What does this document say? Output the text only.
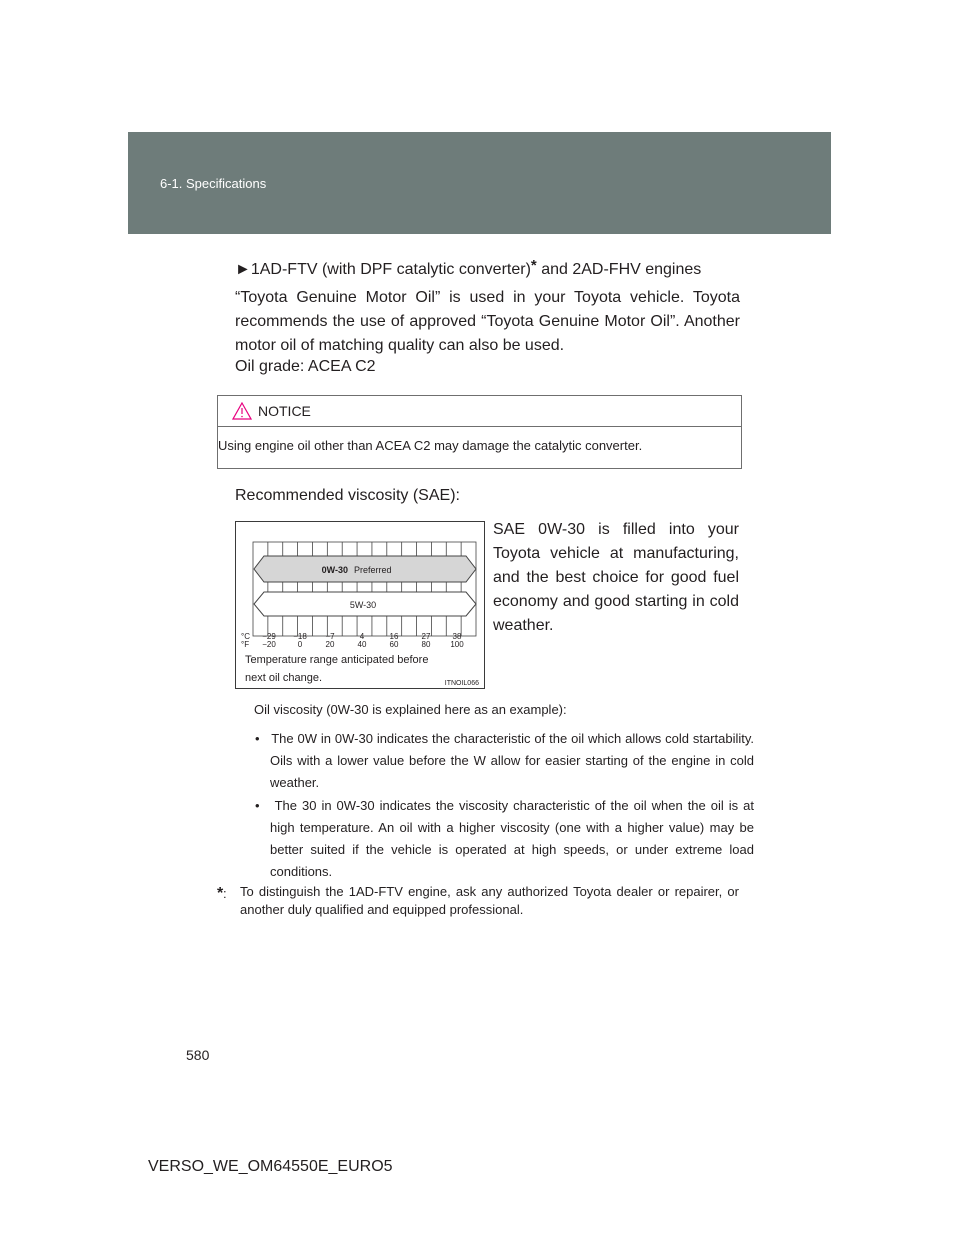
6-1. Specifications
►1AD-FTV (with DPF catalytic converter)* and 2AD-FHV engines

“Toyota Genuine Motor Oil” is used in your Toyota vehicle. Toyota recommends the use of approved “Toyota Genuine Motor Oil”. Another motor oil of matching quality can also be used.

Oil grade: ACEA C2
NOTICE
Using engine oil other than ACEA C2 may damage the catalytic converter.
Recommended viscosity (SAE):
0W-30 Preferred
5W-30
°C
°F
−29 −18 −7	4	16	27	38
−20	0	20	40	60	80 100
Temperature range anticipated before
next oil change.	ITNOIL066

SAE 0W-30 is filled into your Toyota vehicle at manufacturing, and the best choice for good fuel economy and good starting in cold weather.

Oil viscosity (0W-30 is explained here as an example):

• The 0W in 0W-30 indicates the characteristic of the oil which allows cold startability. Oils with a lower value before the W allow for easier starting of the engine in cold weather.

• The 30 in 0W-30 indicates the viscosity characteristic of the oil when the oil is at high temperature. An oil with a higher viscosity (one with a higher value) may be better suited if the vehicle is operated at high speeds, or under extreme load conditions.

* : To distinguish the 1AD-FTV engine, ask any authorized Toyota dealer or repairer, or another duly qualified and equipped professional.
580
VERSO_WE_OM64550E_EURO5
